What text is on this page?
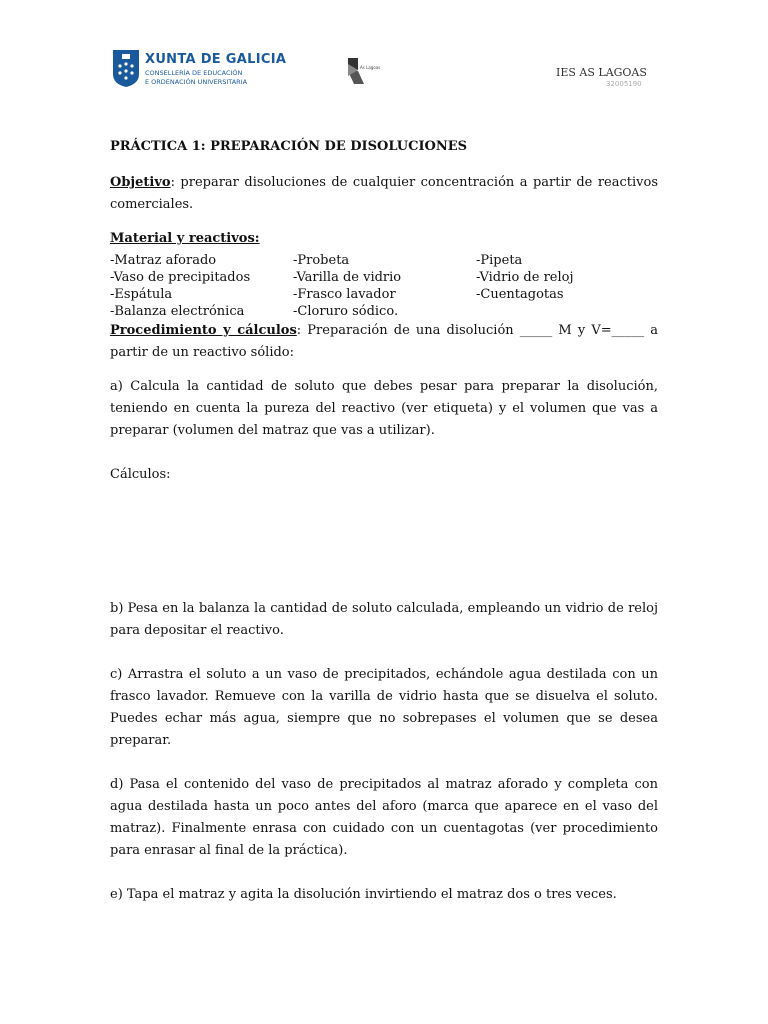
XUNTA DE GALICIA
CONSELLERÍA DE EDUCACIÓN
E ORDENACIÓN UNIVERSITARIA
As Lagoas	IES AS LAGOAS
32005190
PRÁCTICA 1: PREPARACIÓN DE DISOLUCIONES

Objetivo: preparar disoluciones de cualquier concentración a partir de reactivos comerciales.

Material y reactivos:

-Matraz aforado	-Probeta	-Pipeta
-Vaso de precipitados	-Varilla de vidrio	-Vidrio de reloj
-Espátula	-Frasco lavador	-Cuentagotas
-Balanza electrónica	-Cloruro sódico.	

Procedimiento y cálculos: Preparación de una disolución _____ M y V=_____ a partir de un reactivo sólido:

a) Calcula la cantidad de soluto que debes pesar para preparar la disolución, teniendo en cuenta la pureza del reactivo (ver etiqueta) y el volumen que vas a preparar (volumen del matraz que vas a utilizar).

Cálculos:

b) Pesa en la balanza la cantidad de soluto calculada, empleando un vidrio de reloj para depositar el reactivo.

c) Arrastra el soluto a un vaso de precipitados, echándole agua destilada con un frasco lavador. Remueve con la varilla de vidrio hasta que se disuelva el soluto. Puedes echar más agua, siempre que no sobrepases el volumen que se desea preparar.

d) Pasa el contenido del vaso de precipitados al matraz aforado y completa con agua destilada hasta un poco antes del aforo (marca que aparece en el vaso del matraz). Finalmente enrasa con cuidado con un cuentagotas (ver procedimiento para enrasar al final de la práctica).

e) Tapa el matraz y agita la disolución invirtiendo el matraz dos o tres veces.
